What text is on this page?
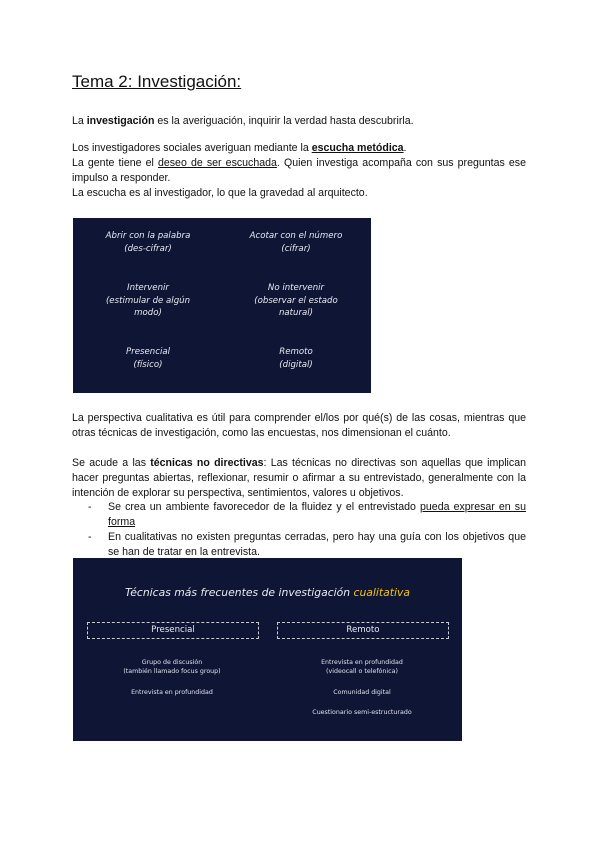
Tema 2: Investigación:

La investigación es la averiguación, inquirir la verdad hasta descubrirla.

Los investigadores sociales averiguan mediante la escucha metódica.
La gente tiene el deseo de ser escuchada. Quien investiga acompaña con sus preguntas ese impulso a responder.
La escucha es al investigador, lo que la gravedad al arquitecto.

Abrir con la palabra
(des-cifrar)
Acotar con el número
(cifrar)
Intervenir
(estimular de algún
modo)
No intervenir
(observar el estado
natural)
Presencial
(físico)
Remoto
(digital)

La perspectiva cualitativa es útil para comprender el/los por qué(s) de las cosas, mientras que otras técnicas de investigación, como las encuestas, nos dimensionan el cuánto.

Se acude a las técnicas no directivas: Las técnicas no directivas son aquellas que implican hacer preguntas abiertas, reflexionar, resumir o afirmar a su entrevistado, generalmente con la intención de explorar su perspectiva, sentimientos, valores u objetivos.

- Se crea un ambiente favorecedor de la fluidez y el entrevistado pueda expresar en su forma
- En cualitativas no existen preguntas cerradas, pero hay una guía con los objetivos que se han de tratar en la entrevista.
Técnicas más frecuentes de investigación cualitativa
Presencial	Remoto
Grupo de discusión
(también llamado focus group)
Entrevista en profundidad
Entrevista en profundidad
(videocall o telefónica)
Comunidad digital
Cuestionario semi-estructurado
